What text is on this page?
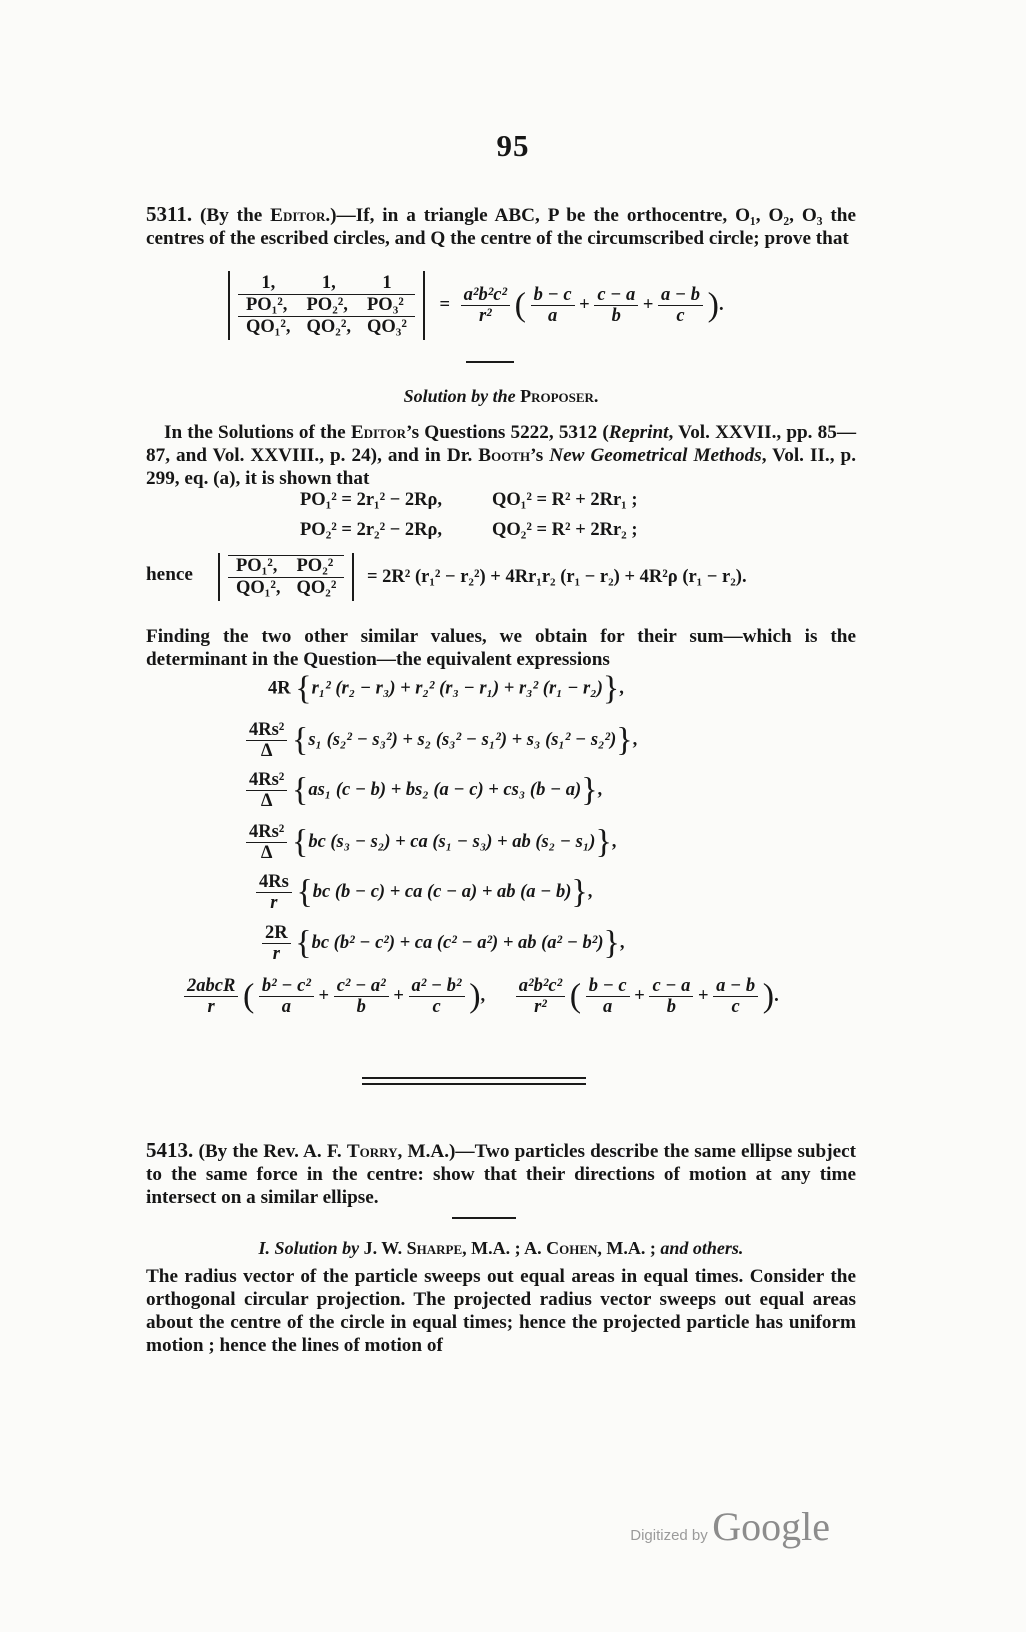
95
5311. (By the Editor.)—If, in a triangle ABC, P be the orthocentre, O₁, O₂, O₃ the centres of the escribed circles, and Q the centre of the circumscribed circle; prove that
1,	1,	1
PO₁²,	PO₂²,	PO₃²
QO₁²,	QO₂²,	QO₃²
= $\frac{\text{a²b²c²}}{\text{r²}}$ ( $\frac{b - c}{a} + \frac{c - a}{b} + \frac{a - b}{c}$ ).
Solution by the Proposer.
In the Solutions of the Editor’s Questions 5222, 5312 (Reprint, Vol. XXVII., pp. 85—87, and Vol. XXVIII., p. 24), and in Dr. Booth’s New Geometrical Methods, Vol. II., p. 299, eq. (a), it is shown that
PO₁² = 2r₁² − 2Rρ,	QO₁² = R² + 2Rr₁ ;
PO₂² = 2r₂² − 2Rρ,	QO₂² = R² + 2Rr₂ ;
hence PO₁²,	PO₂²
QO₁²,	QO₂²
= 2R² (r₁² − r₂²) + 4Rr₁r₂ (r₁ − r₂) + 4R²ρ (r₁ − r₂).
Finding the two other similar values, we obtain for their sum—which is the determinant in the Question—the equivalent expressions
4R {r₁² (r₂ − r₃) + r₂² (r₃ − r₁) + r₃² (r₁ − r₂)},
$\frac{\text{4Rs²}}{\Delta} \{s_1$ (s₂² − s₃²) + s₂ (s₃² − s₁²) + s₃ (s₁² − s₂²)},
$\frac{\text{4Rs²}}{\Delta} \{as_1$ (c − b) + bs₂ (a − c) + cs₃ (b − a)},
$\frac{\text{4Rs²}}{\Delta} \{bc$ (s₃ − s₂) + ca (s₁ − s₃) + ab (s₂ − s₁)},
$\frac{4Rs}{r} \{bc$ (b − c) + ca (c − a) + ab (a − b)},
$\frac{2R}{r} \{bc$ (b² − c²) + ca (c² − a²) + ab (a² − b²)},
$\frac{\text{2abcR}}{r}$ ( $\frac{\text{b² − c²}}{a} + \frac{\text{c² − a²}}{b} + \frac{\text{a² − b²}}{c}$ ), $\frac{\text{a²b²c²}}{\text{r²}}$ ( $\frac{b - c}{a} + \frac{c - a}{b} + \frac{a - b}{c}$ ).
5413. (By the Rev. A. F. Torry, M.A.)—Two particles describe the same ellipse subject to the same force in the centre: show that their directions of motion at any time intersect on a similar ellipse.
I. Solution by J. W. Sharpe, M.A. ; A. Cohen, M.A. ; and others.
The radius vector of the particle sweeps out equal areas in equal times. Consider the orthogonal circular projection. The projected radius vector sweeps out equal areas about the centre of the circle in equal times; hence the projected particle has uniform motion ; hence the lines of motion of
Digitized by Google
